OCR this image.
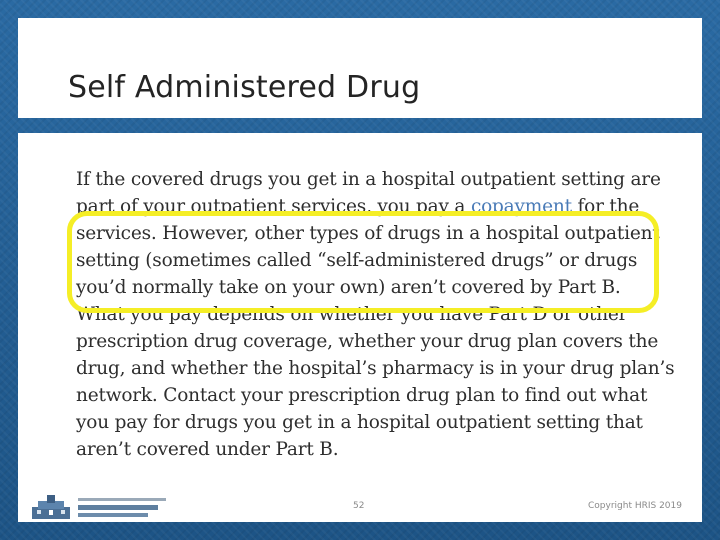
Self Administered Drug

If the covered drugs you get in a hospital outpatient setting are
part of your outpatient services, you pay a copayment for the
services. However, other types of drugs in a hospital outpatient
setting (sometimes called “self-administered drugs” or drugs
you’d normally take on your own) aren’t covered by Part B.
What you pay depends on whether you have Part D or other
prescription drug coverage, whether your drug plan covers the
drug, and whether the hospital’s pharmacy is in your drug plan’s
network. Contact your prescription drug plan to find out what
you pay for drugs you get in a hospital outpatient setting that
aren’t covered under Part B.

52	Copyright HRIS 2019
